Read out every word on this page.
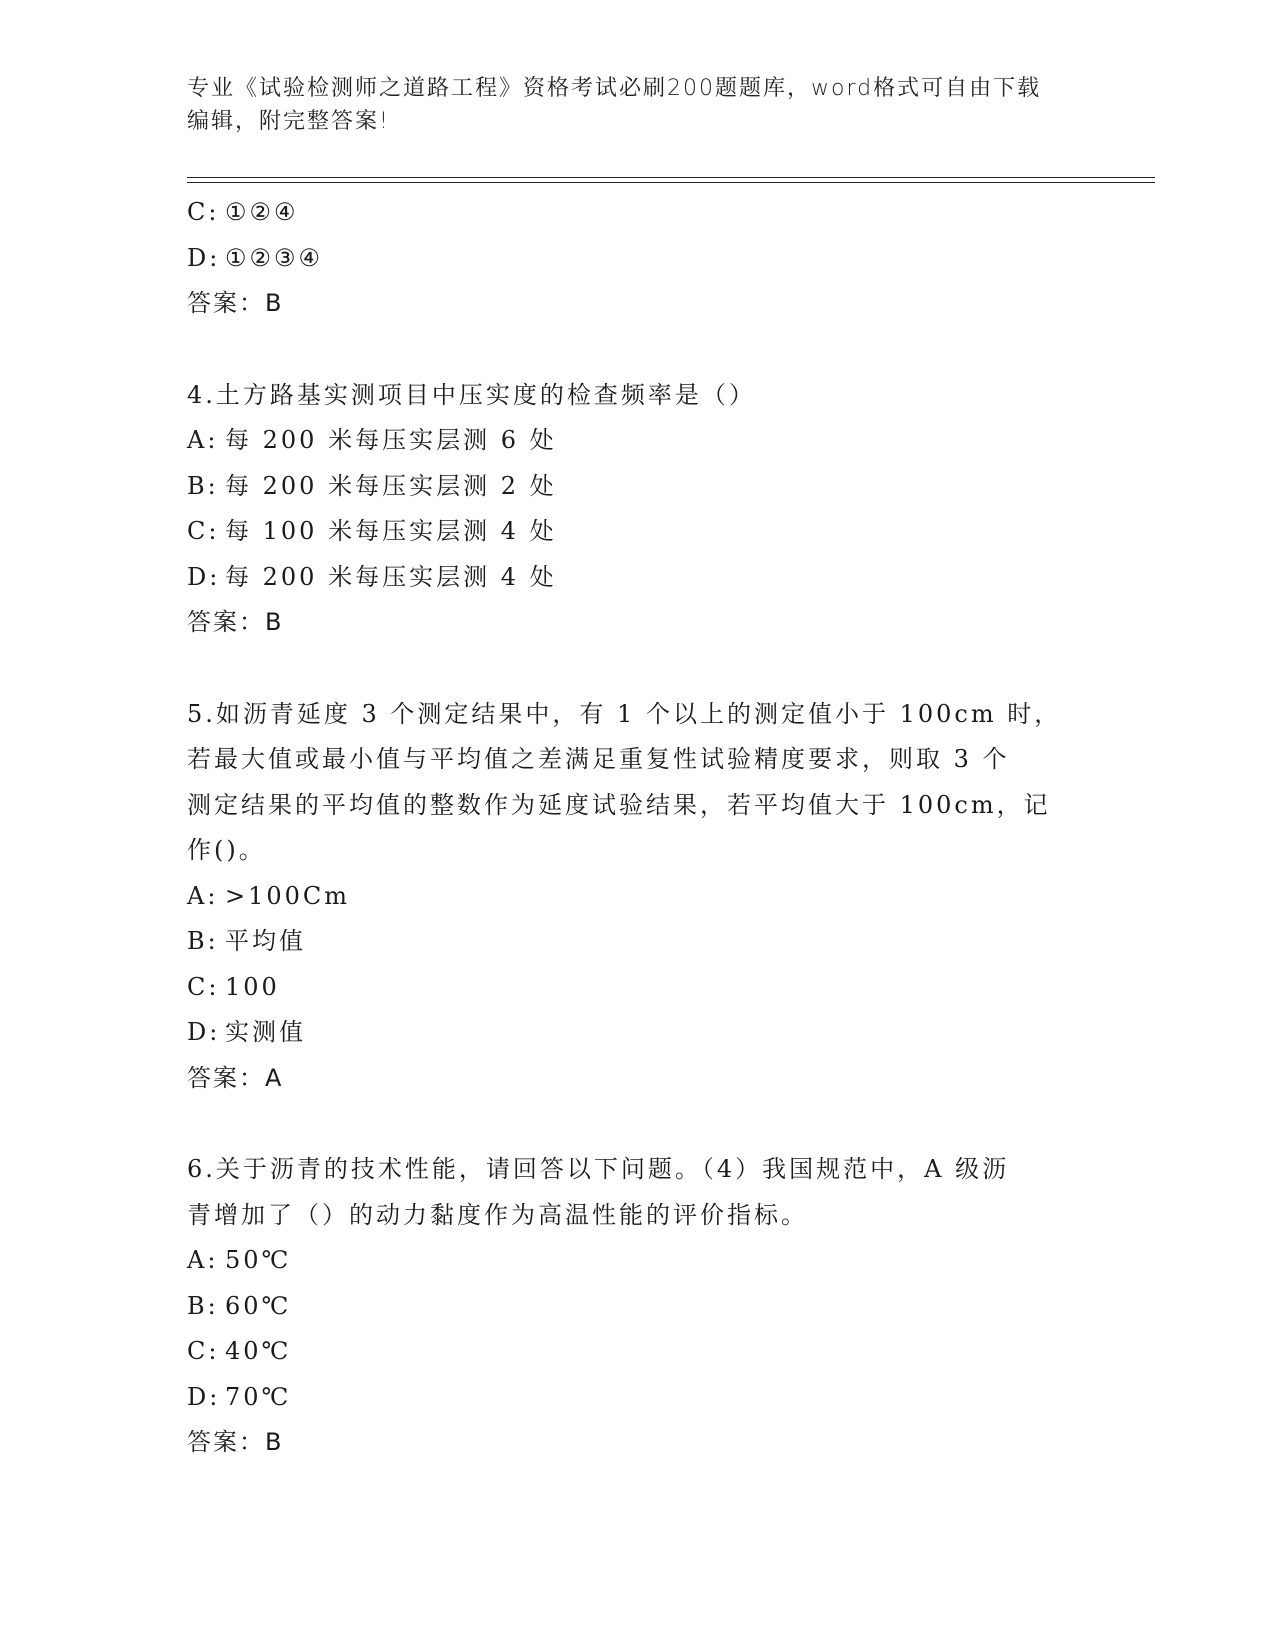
专业《试验检测师之道路工程》资格考试必刷200题题库，word格式可自由下载
编辑，附完整答案!
C: ①②④
D: ①②③④
答案：B
4.土方路基实测项目中压实度的检查频率是（）
A: 每 200 米每压实层测 6 处
B: 每 200 米每压实层测 2 处
C: 每 100 米每压实层测 4 处
D: 每 200 米每压实层测 4 处
答案：B
5.如沥青延度 3 个测定结果中，有 1 个以上的测定值小于 100cm 时，
若最大值或最小值与平均值之差满足重复性试验精度要求，则取 3 个
测定结果的平均值的整数作为延度试验结果，若平均值大于 100cm，记
作()。
A: >100Cm
B: 平均值
C: 100
D: 实测值
答案：A
6.关于沥青的技术性能，请回答以下问题。（4）我国规范中，A 级沥
青增加了（）的动力黏度作为高温性能的评价指标。
A: 50℃
B: 60℃
C: 40℃
D: 70℃
答案：B
